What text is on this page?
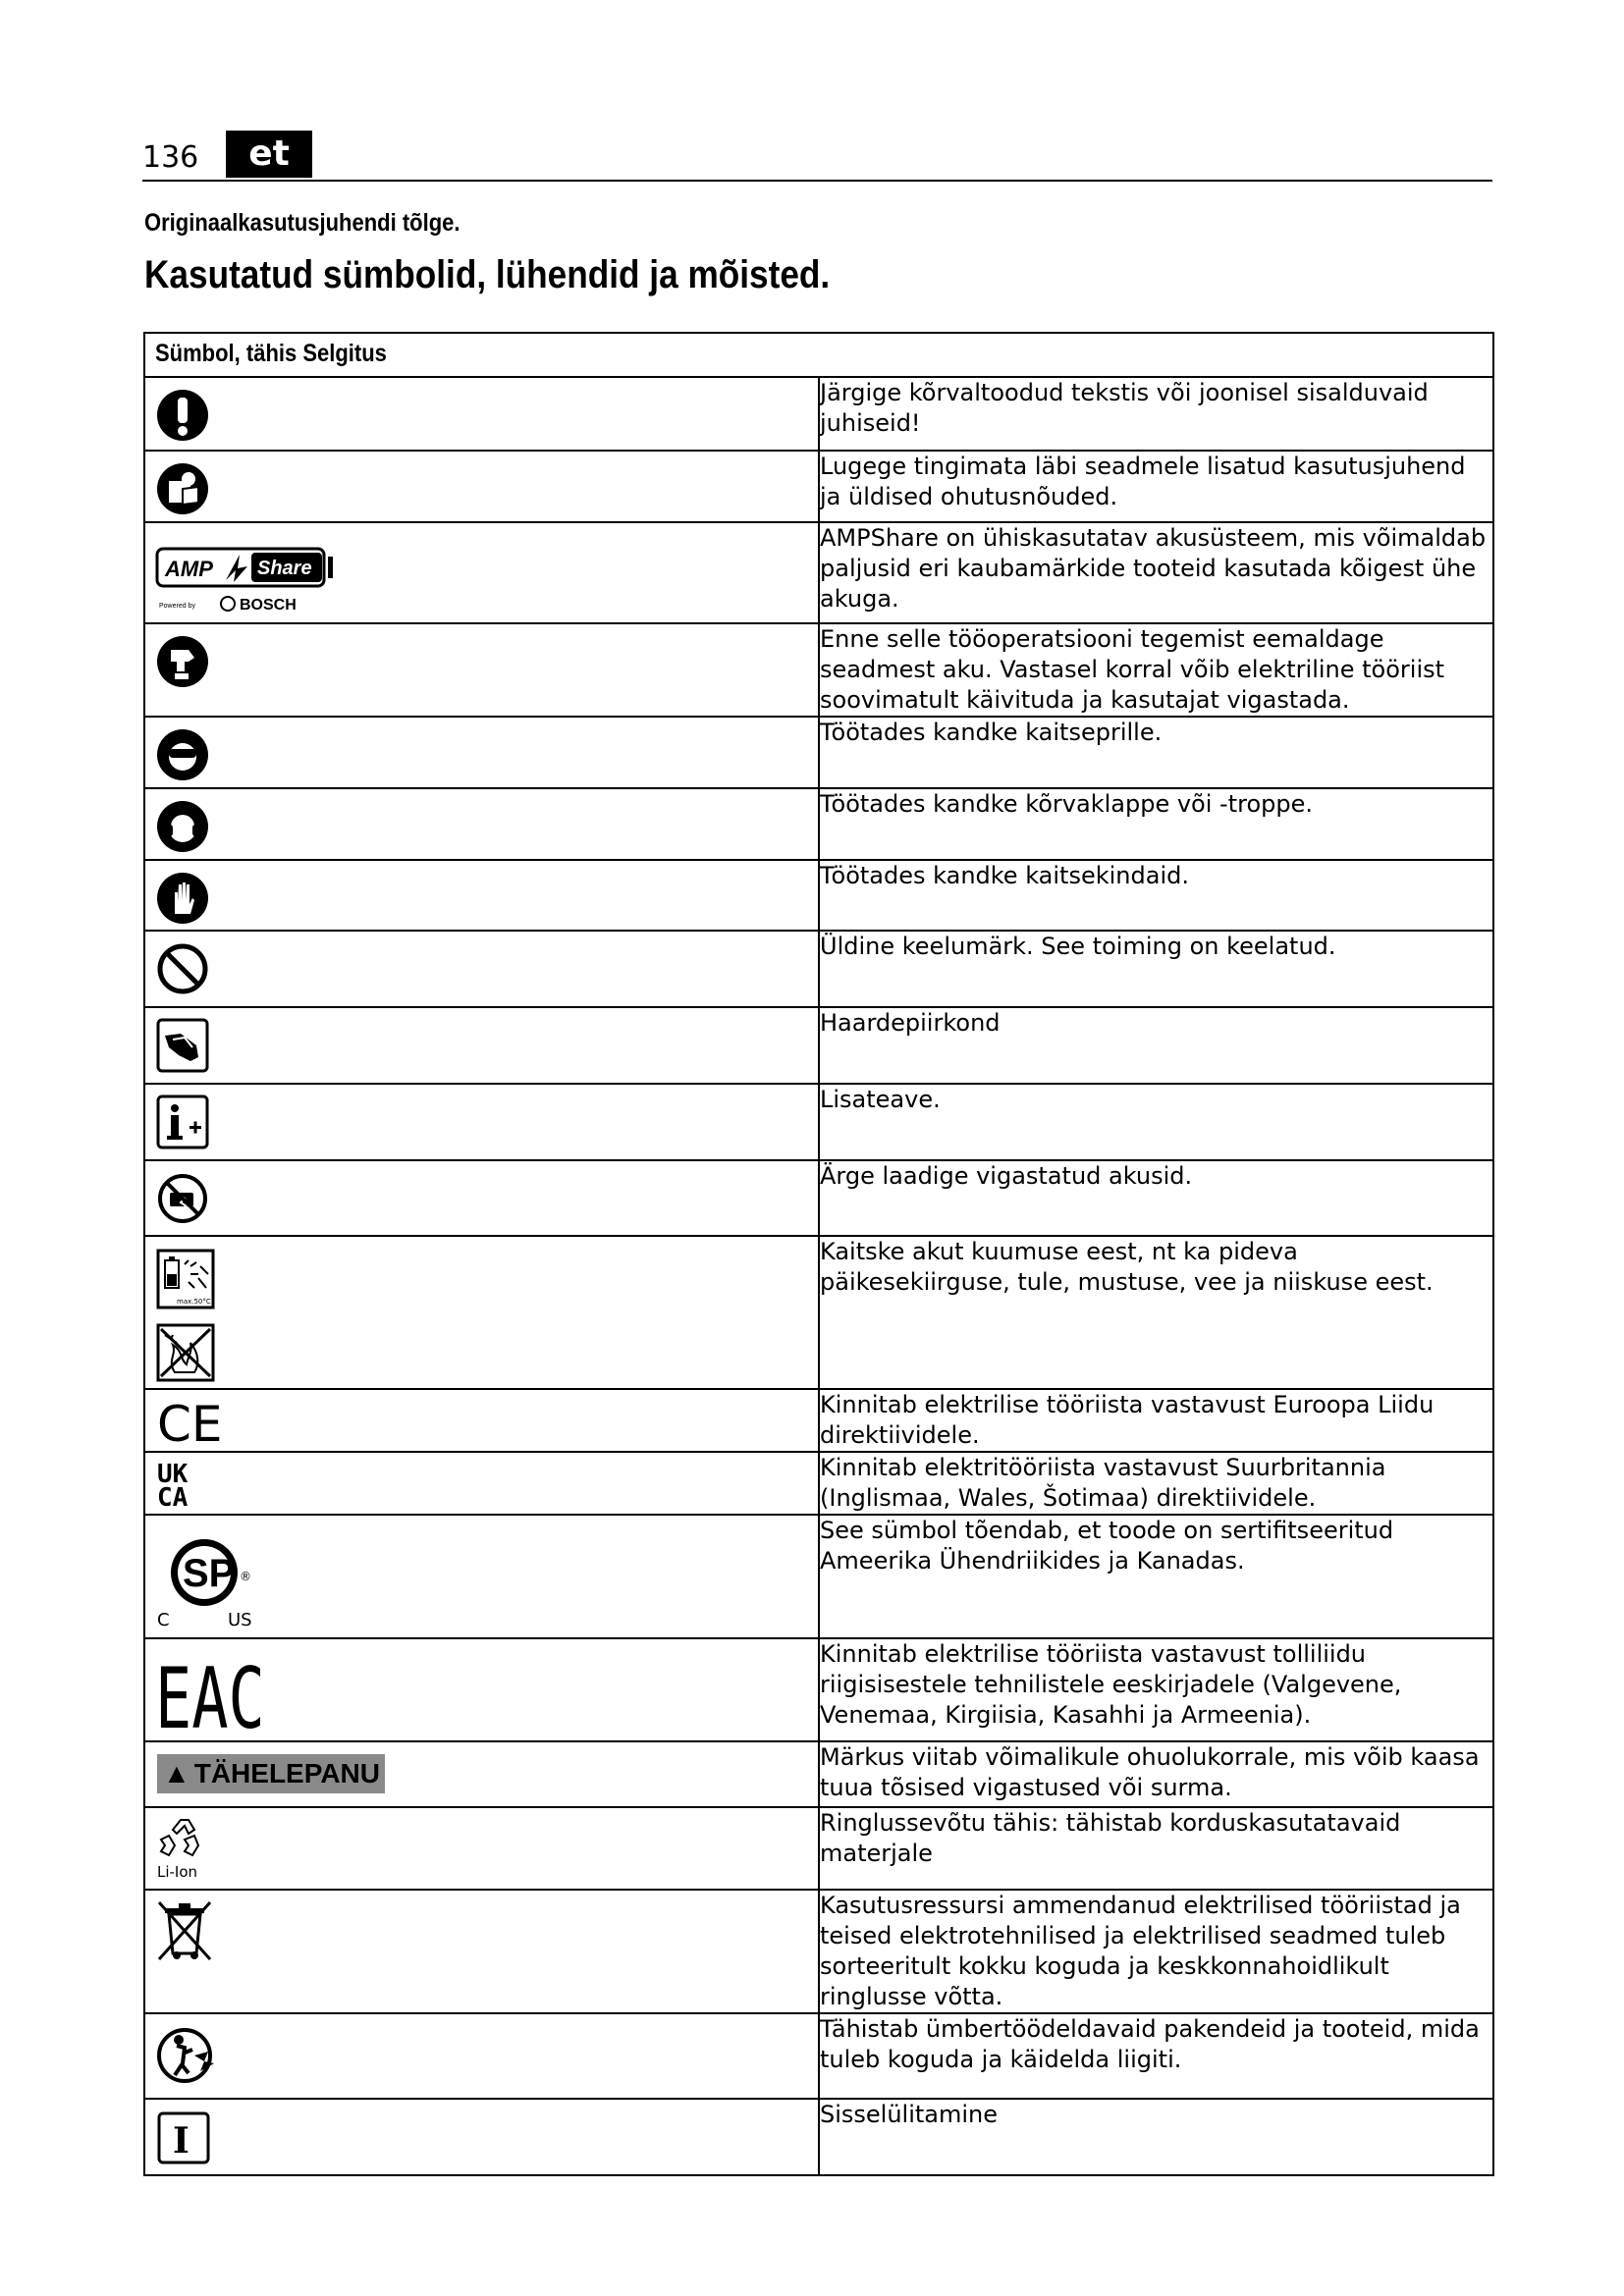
136	et
Originaalkasutusjuhendi tõlge.
Kasutatud sümbolid, lühendid ja mõisted.
Sümbol, tähis Selgitus	

	Järgige kõrvaltoodud tekstis või joonisel sisalduvaid juhiseid!

	Lugege tingimata läbi seadmele lisatud kasutusjuhend ja üldised ohutusnõuded.

AMP Share
Powered by BOSCH	AMPShare on ühiskasutatav akusüsteem, mis võimaldab paljusid eri kaubamärkide tooteid kasutada kõigest ühe akuga.

	Enne selle tööoperatsiooni tegemist eemaldage seadmest aku. Vastasel korral võib elektriline tööriist soovimatult käivituda ja kasutajat vigastada.

	Töötades kandke kaitseprille.

	Töötades kandke kõrvaklappe või -troppe.

	Töötades kandke kaitsekindaid.

	Üldine keelumärk. See toiming on keelatud.

	Haardepiirkond

	Lisateave.

	Ärge laadige vigastatud akusid.

max.50°C	Kaitske akut kuumuse eest, nt ka pideva päikesekiirguse, tule, mustuse, vee ja niiskuse eest.

CE	Kinnitab elektrilise tööriista vastavust Euroopa Liidu direktiividele.

UK
CA	Kinnitab elektritööriista vastavust Suurbritannia (Inglismaa, Wales, Šotimaa) direktiividele.

SP ®
C US	See sümbol tõendab, et toode on sertifitseeritud Ameerika Ühendriikides ja Kanadas.

EAC	Kinnitab elektrilise tööriista vastavust tolliliidu riigisisestele tehnilistele eeskirjadele (Valgevene, Venemaa, Kirgiisia, Kasahhi ja Armeenia).

▲ TÄHELEPANU	Märkus viitab võimalikule ohuolukorrale, mis võib kaasa tuua tõsised vigastused või surma.

Li-Ion	Ringlussevõtu tähis: tähistab korduskasutatavaid materjale

	Kasutusressursi ammendanud elektrilised tööriistad ja teised elektrotehnilised ja elektrilised seadmed tuleb sorteeritult kokku koguda ja keskkonnahoidlikult ringlusse võtta.

	Tähistab ümbertöödeldavaid pakendeid ja tooteid, mida tuleb koguda ja käidelda liigiti.

I	Sisselülitamine
